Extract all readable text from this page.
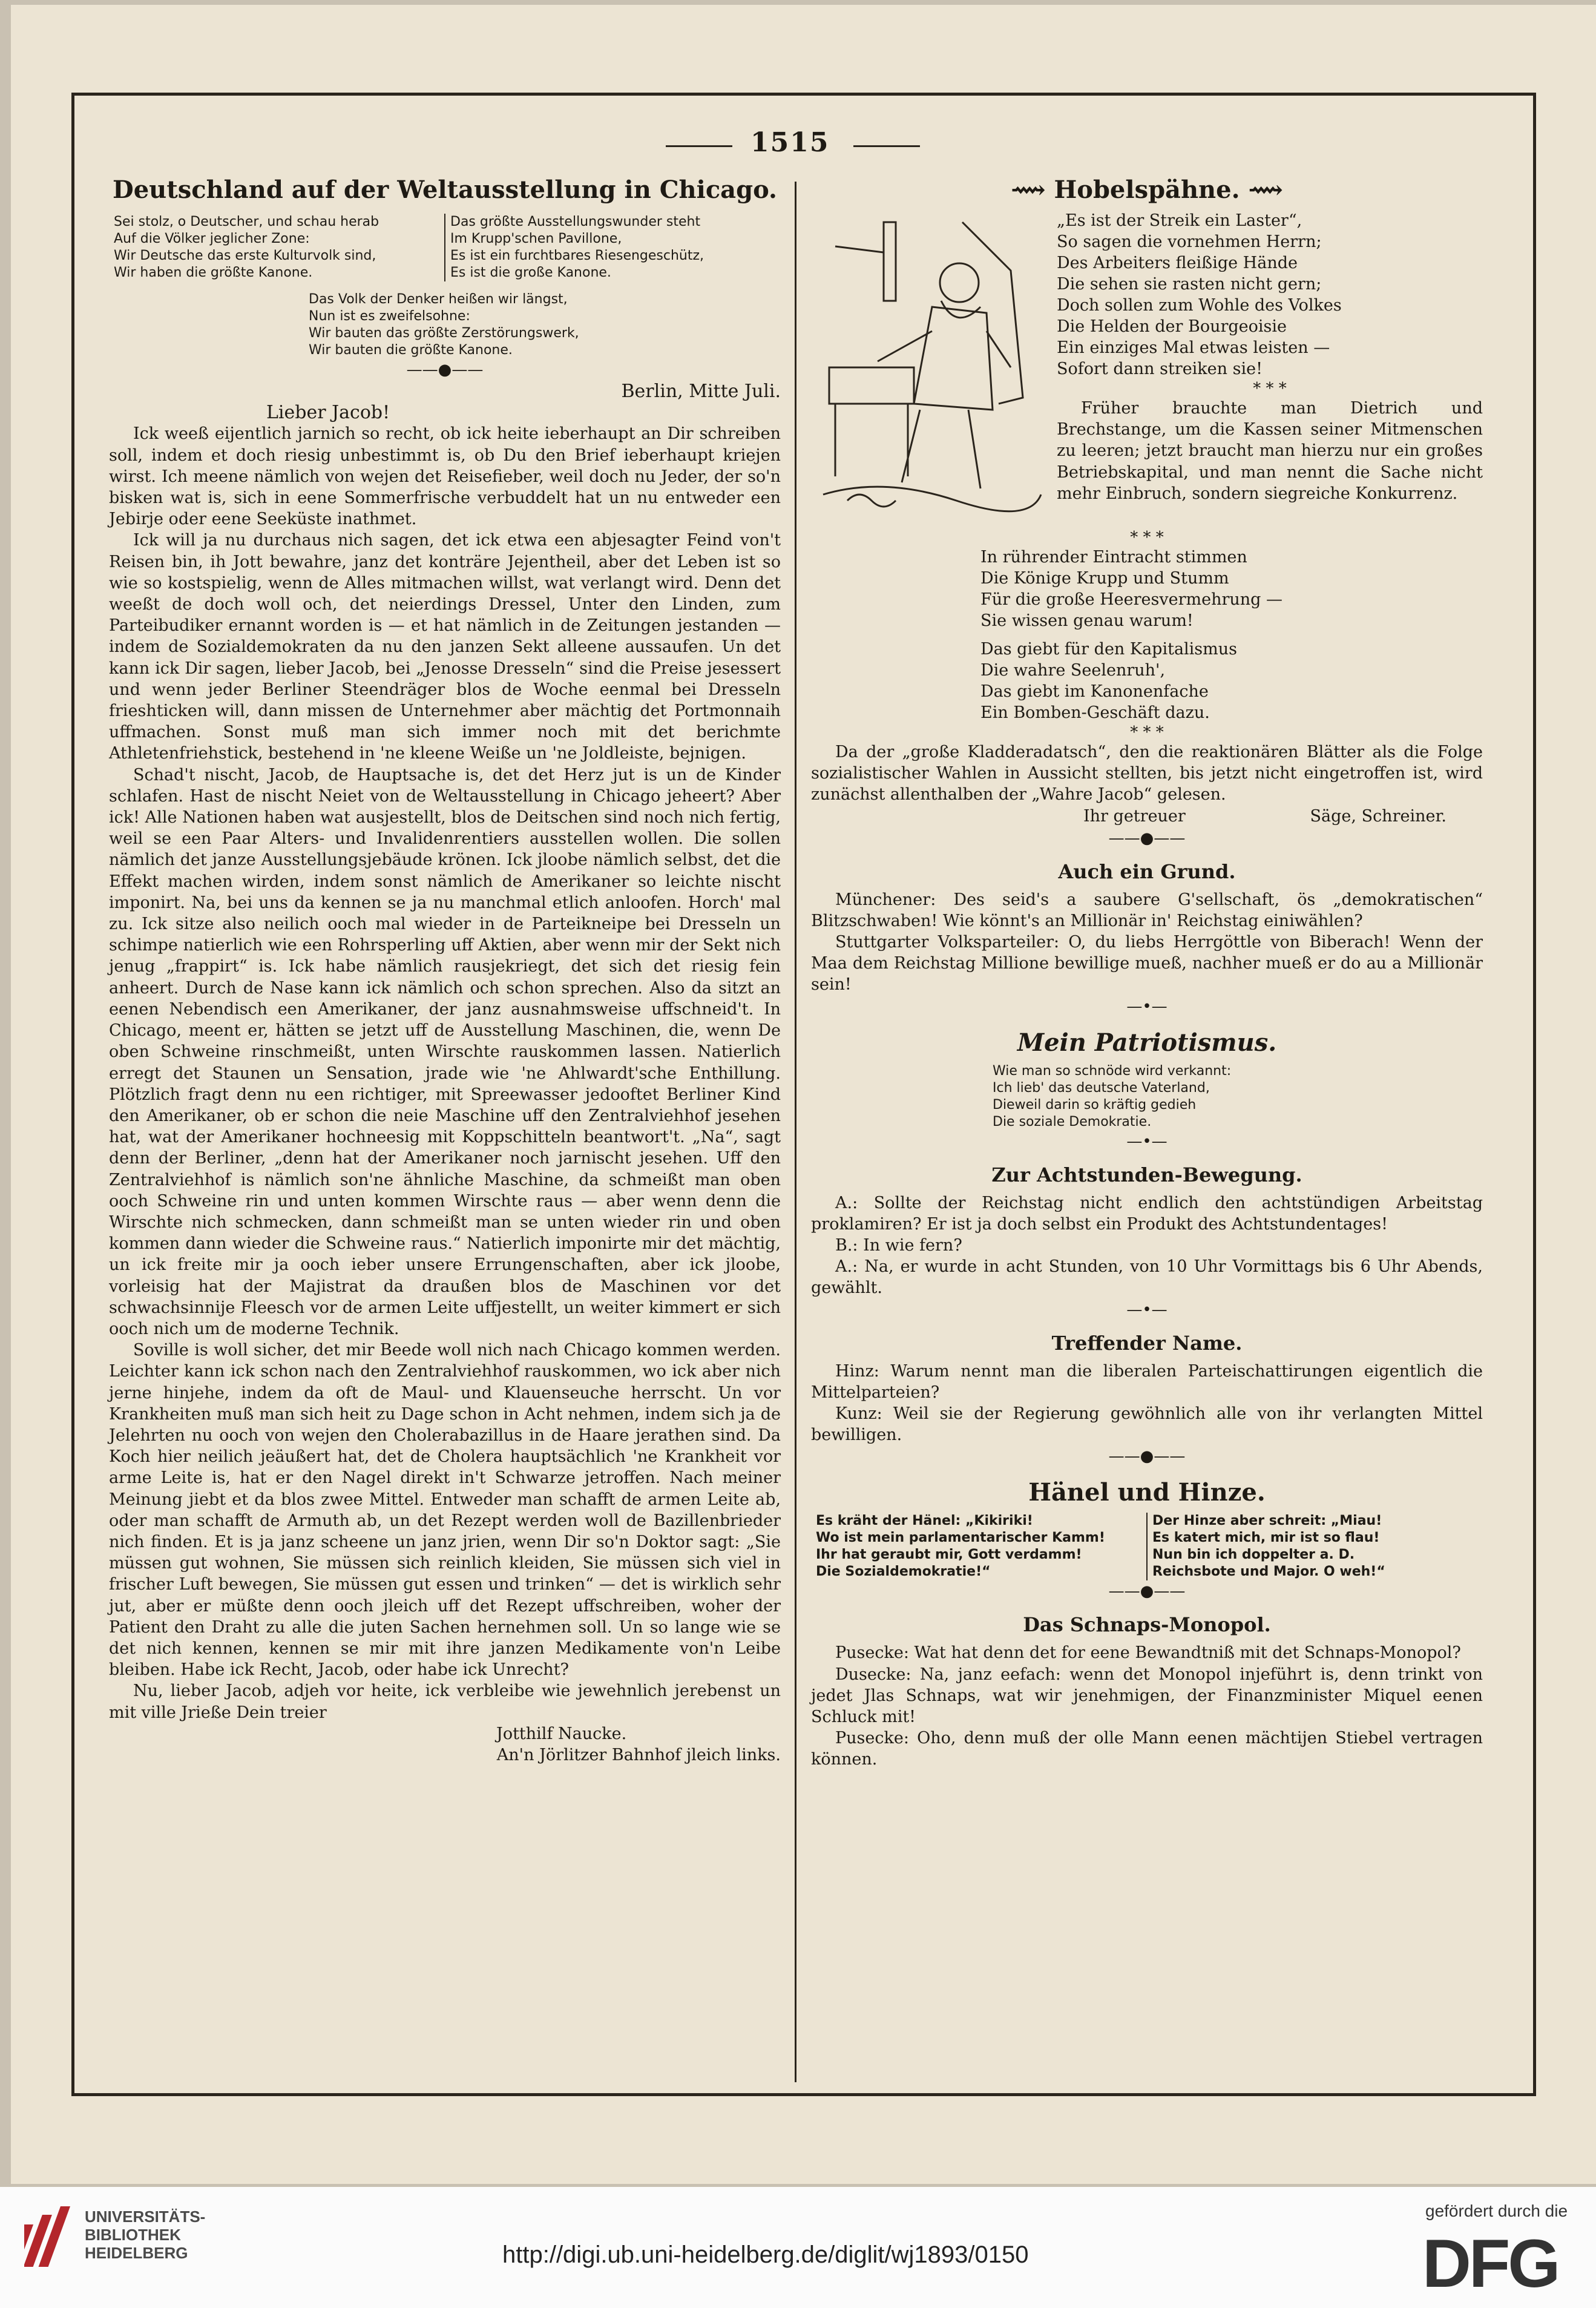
1515
Deutschland auf der Weltausstellung in Chicago.
Sei stolz, o Deutscher, und schau herab
Auf die Völker jeglicher Zone:
Wir Deutsche das erste Kulturvolk sind,
Wir haben die größte Kanone.
Das größte Ausstellungswunder steht
Im Krupp'schen Pavillone,
Es ist ein furchtbares Riesengeschütz,
Es ist die große Kanone.
Das Volk der Denker heißen wir längst,
Nun ist es zweifelsohne:
Wir bauten das größte Zerstörungswerk,
Wir bauten die größte Kanone.
——●——
Berlin, Mitte Juli.
Lieber Jacob!

Ick weeß eijentlich jarnich so recht, ob ick heite ieberhaupt an Dir schreiben soll, indem et doch riesig unbestimmt is, ob Du den Brief ieberhaupt kriejen wirst. Ich meene nämlich von wejen det Reisefieber, weil doch nu Jeder, der so'n bisken wat is, sich in eene Sommerfrische verbuddelt hat un nu entweder een Jebirje oder eene Seeküste inathmet.

Ick will ja nu durchaus nich sagen, det ick etwa een abjesagter Feind von't Reisen bin, ih Jott bewahre, janz det konträre Jejentheil, aber det Leben ist so wie so kostspielig, wenn de Alles mitmachen willst, wat verlangt wird. Denn det weeßt de doch woll och, det neierdings Dressel, Unter den Linden, zum Parteibudiker ernannt worden is — et hat nämlich in de Zeitungen jestanden — indem de Sozialdemokraten da nu den janzen Sekt alleene aussaufen. Un det kann ick Dir sagen, lieber Jacob, bei „Jenosse Dresseln“ sind die Preise jesessert und wenn jeder Berliner Steendräger blos de Woche eenmal bei Dresseln frieshticken will, dann missen de Unternehmer aber mächtig det Portmonnaih uffmachen. Sonst muß man sich immer noch mit det berichmte Athletenfriehstick, bestehend in 'ne kleene Weiße un 'ne Joldleiste, bejnigen.

Schad't nischt, Jacob, de Hauptsache is, det det Herz jut is un de Kinder schlafen. Hast de nischt Neiet von de Weltausstellung in Chicago jeheert? Aber ick! Alle Nationen haben wat ausjestellt, blos de Deitschen sind noch nich fertig, weil se een Paar Alters- und Invalidenrentiers ausstellen wollen. Die sollen nämlich det janze Ausstellungsjebäude krönen. Ick jloobe nämlich selbst, det die Effekt machen wirden, indem sonst nämlich de Amerikaner so leichte nischt imponirt. Na, bei uns da kennen se ja nu manchmal etlich anloofen. Horch' mal zu. Ick sitze also neilich ooch mal wieder in de Parteikneipe bei Dresseln un schimpe natierlich wie een Rohrsperling uff Aktien, aber wenn mir der Sekt nich jenug „frappirt“ is. Ick habe nämlich rausjekriegt, det sich det riesig fein anheert. Durch de Nase kann ick nämlich och schon sprechen. Also da sitzt an eenen Nebendisch een Amerikaner, der janz ausnahmsweise uffschneid't. In Chicago, meent er, hätten se jetzt uff de Ausstellung Maschinen, die, wenn De oben Schweine rinschmeißt, unten Wirschte rauskommen lassen. Natierlich erregt det Staunen un Sensation, jrade wie 'ne Ahlwardt'sche Enthillung. Plötzlich fragt denn nu een richtiger, mit Spreewasser jedooftet Berliner Kind den Amerikaner, ob er schon die neie Maschine uff den Zentralviehhof jesehen hat, wat der Amerikaner hochneesig mit Koppschitteln beantwort't. „Na“, sagt denn der Berliner, „denn hat der Amerikaner noch jarnischt jesehen. Uff den Zentralviehhof is nämlich son'ne ähnliche Maschine, da schmeißt man oben ooch Schweine rin und unten kommen Wirschte raus — aber wenn denn die Wirschte nich schmecken, dann schmeißt man se unten wieder rin und oben kommen dann wieder die Schweine raus.“ Natierlich imponirte mir det mächtig, un ick freite mir ja ooch ieber unsere Errungenschaften, aber ick jloobe, vorleisig hat der Majistrat da draußen blos de Maschinen vor det schwachsinnije Fleesch vor de armen Leite uffjestellt, un weiter kimmert er sich ooch nich um de moderne Technik.

Soville is woll sicher, det mir Beede woll nich nach Chicago kommen werden. Leichter kann ick schon nach den Zentralviehhof rauskommen, wo ick aber nich jerne hinjehe, indem da oft de Maul- und Klauenseuche herrscht. Un vor Krankheiten muß man sich heit zu Dage schon in Acht nehmen, indem sich ja de Jelehrten nu ooch von wejen den Cholerabazillus in de Haare jerathen sind. Da Koch hier neilich jeäußert hat, det de Cholera hauptsächlich 'ne Krankheit vor arme Leite is, hat er den Nagel direkt in't Schwarze jetroffen. Nach meiner Meinung jiebt et da blos zwee Mittel. Entweder man schafft de armen Leite ab, oder man schafft de Armuth ab, un det Rezept werden woll de Bazillenbrieder nich finden. Et is ja janz scheene un janz jrien, wenn Dir so'n Doktor sagt: „Sie müssen gut wohnen, Sie müssen sich reinlich kleiden, Sie müssen sich viel in frischer Luft bewegen, Sie müssen gut essen und trinken“ — det is wirklich sehr jut, aber er müßte denn ooch jleich uff det Rezept uffschreiben, woher der Patient den Draht zu alle die juten Sachen hernehmen soll. Un so lange wie se det nich kennen, kennen se mir mit ihre janzen Medikamente von'n Leibe bleiben. Habe ick Recht, Jacob, oder habe ick Unrecht?

Nu, lieber Jacob, adjeh vor heite, ick verbleibe wie jewehnlich jerebenst un mit ville Jrieße Dein treier

Jotthilf Naucke.
An'n Jörlitzer Bahnhof jleich links.
⟿ Hobelspähne. ⟿
„Es ist der Streik ein Laster“,
So sagen die vornehmen Herrn;
Des Arbeiters fleißige Hände
Die sehen sie rasten nicht gern;
Doch sollen zum Wohle des Volkes
Die Helden der Bourgeoisie
Ein einziges Mal etwas leisten —
Sofort dann streiken sie!
* * *

Früher brauchte man Dietrich und Brechstange, um die Kassen seiner Mitmenschen zu leeren; jetzt braucht man hierzu nur ein großes Betriebskapital, und man nennt die Sache nicht mehr Einbruch, sondern siegreiche Konkurrenz.

* * *
In rührender Eintracht stimmen
Die Könige Krupp und Stumm
Für die große Heeresvermehrung —
Sie wissen genau warum!
Das giebt für den Kapitalismus
Die wahre Seelenruh',
Das giebt im Kanonenfache
Ein Bomben-Geschäft dazu.
* * *

Da der „große Kladderadatsch“, den die reaktionären Blätter als die Folge sozialistischer Wahlen in Aussicht stellten, bis jetzt nicht eingetroffen ist, wird zunächst allenthalben der „Wahre Jacob“ gelesen.

Ihr getreuer	Säge, Schreiner.
——●——
Auch ein Grund.

Münchener: Des seid's a saubere G'sellschaft, ös „demokratischen“ Blitzschwaben! Wie könnt's an Millionär in' Reichstag einiwählen?

Stuttgarter Volksparteiler: O, du liebs Herrgöttle von Biberach! Wenn der Maa dem Reichstag Millione bewillige mueß, nachher mueß er do au a Millionär sein!

—•—
Mein Patriotismus.
Wie man so schnöde wird verkannt:
Ich lieb' das deutsche Vaterland,
Dieweil darin so kräftig gedieh
Die soziale Demokratie.
—•—
Zur Achtstunden-Bewegung.

A.: Sollte der Reichstag nicht endlich den achtstündigen Arbeitstag proklamiren? Er ist ja doch selbst ein Produkt des Achtstundentages!

B.: In wie fern?

A.: Na, er wurde in acht Stunden, von 10 Uhr Vormittags bis 6 Uhr Abends, gewählt.

—•—
Treffender Name.

Hinz: Warum nennt man die liberalen Parteischattirungen eigentlich die Mittelparteien?

Kunz: Weil sie der Regierung gewöhnlich alle von ihr verlangten Mittel bewilligen.

——●——
Hänel und Hinze.
Es kräht der Hänel: „Kikiriki!
Wo ist mein parlamentarischer Kamm!
Ihr hat geraubt mir, Gott verdamm!
Die Sozialdemokratie!“
Der Hinze aber schreit: „Miau!
Es katert mich, mir ist so flau!
Nun bin ich doppelter a. D.
Reichsbote und Major. O weh!“
——●——
Das Schnaps-Monopol.

Pusecke: Wat hat denn det for eene Bewandtniß mit det Schnaps-Monopol?

Dusecke: Na, janz eefach: wenn det Monopol injeführt is, denn trinkt von jedet Jlas Schnaps, wat wir jenehmigen, der Finanzminister Miquel eenen Schluck mit!

Pusecke: Oho, denn muß der olle Mann eenen mächtijen Stiebel vertragen können.

UNIVERSITÄTS-
BIBLIOTHEK
HEIDELBERG	http://digi.ub.uni-heidelberg.de/diglit/wj1893/0150
gefördert durch die
DFG
